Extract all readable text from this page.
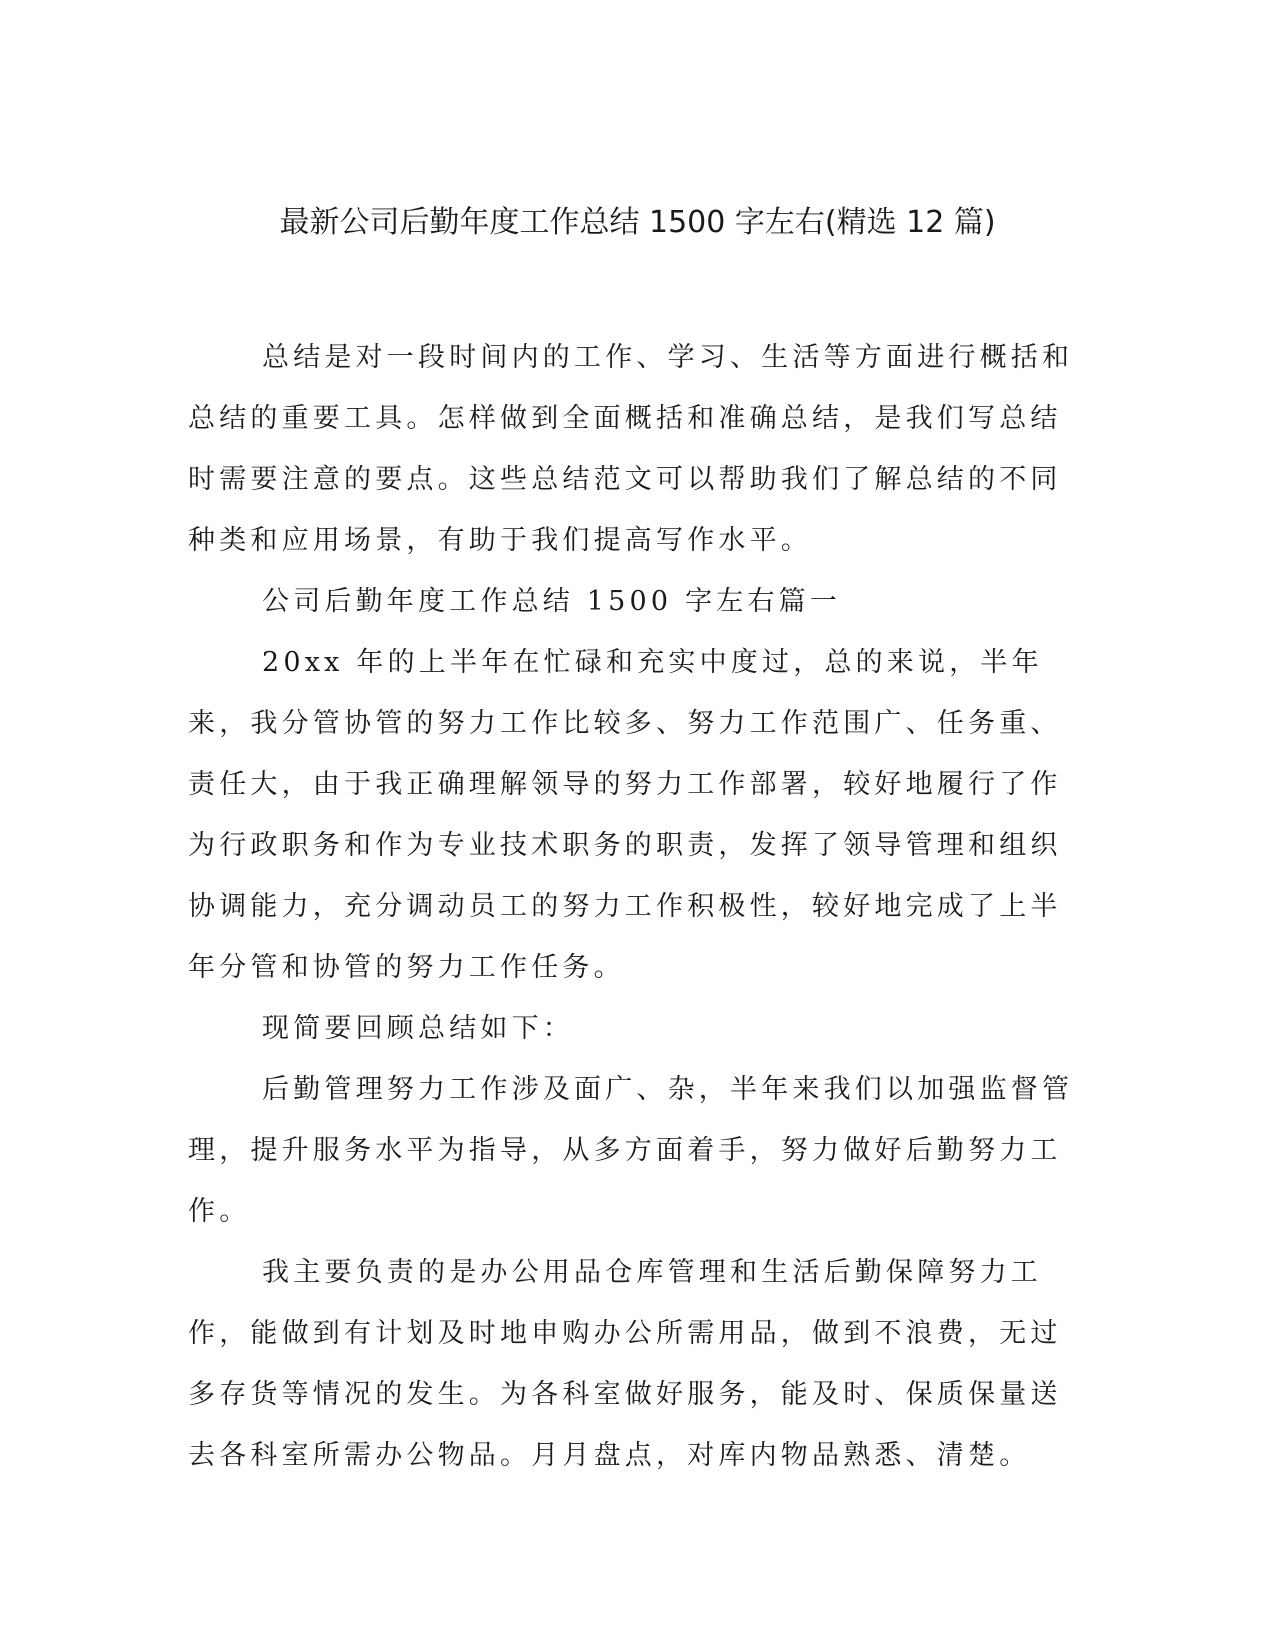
最新公司后勤年度工作总结 1500 字左右(精选 12 篇)

总结是对一段时间内的工作、学习、生活等方面进行概括和总结的重要工具。怎样做到全面概括和准确总结，是我们写总结时需要注意的要点。这些总结范文可以帮助我们了解总结的不同种类和应用场景，有助于我们提高写作水平。

公司后勤年度工作总结 1500 字左右篇一

20xx 年的上半年在忙碌和充实中度过，总的来说，半年来，我分管协管的努力工作比较多、努力工作范围广、任务重、责任大，由于我正确理解领导的努力工作部署，较好地履行了作为行政职务和作为专业技术职务的职责，发挥了领导管理和组织协调能力，充分调动员工的努力工作积极性，较好地完成了上半年分管和协管的努力工作任务。

现简要回顾总结如下：

后勤管理努力工作涉及面广、杂，半年来我们以加强监督管理，提升服务水平为指导，从多方面着手，努力做好后勤努力工作。

我主要负责的是办公用品仓库管理和生活后勤保障努力工作，能做到有计划及时地申购办公所需用品，做到不浪费，无过多存货等情况的发生。为各科室做好服务，能及时、保质保量送去各科室所需办公物品。月月盘点，对库内物品熟悉、清楚。
